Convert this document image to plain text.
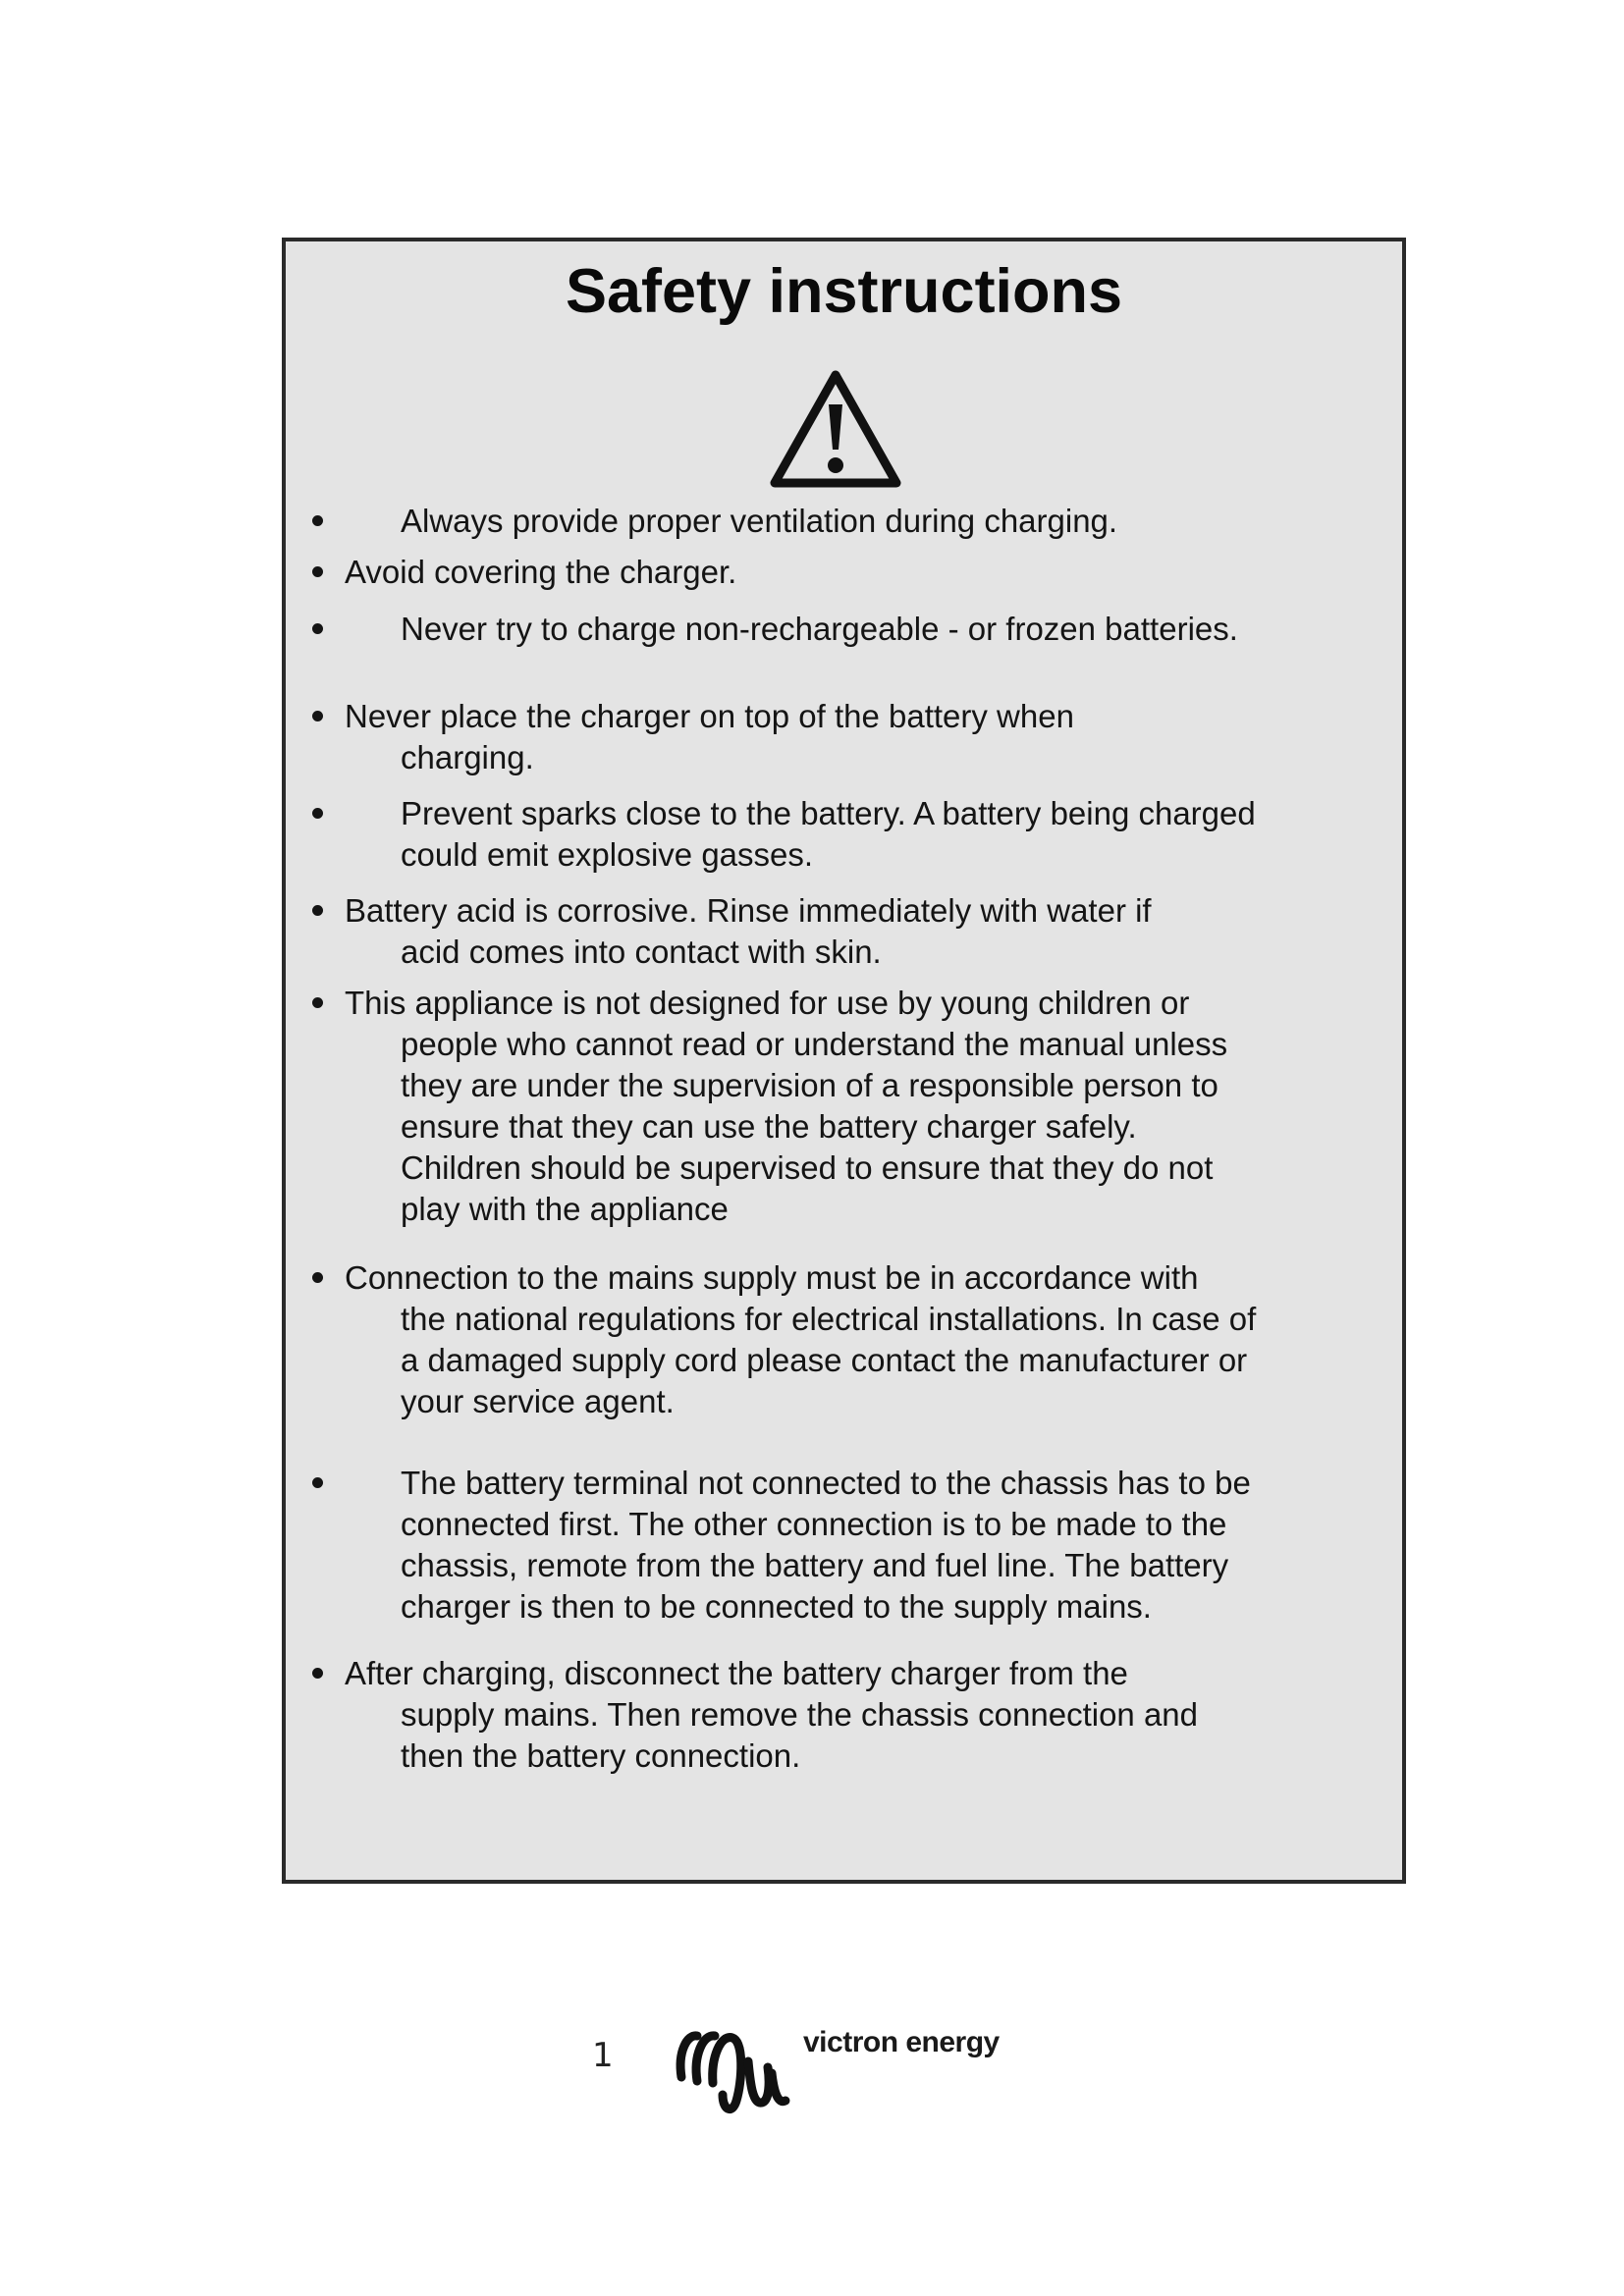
Safety instructions
Always provide proper ventilation during charging.
Avoid covering the charger.
Never try to charge non-rechargeable - or frozen batteries.
Never place the charger on top of the battery when
charging.
Prevent sparks close to the battery. A battery being charged
could emit explosive gasses.
Battery acid is corrosive. Rinse immediately with water if
acid comes into contact with skin.
This appliance is not designed for use by young children or
people who cannot read or understand the manual unless
they are under the supervision of a responsible person to
ensure that they can use the battery charger safely.
Children should be supervised to ensure that they do not
play with the appliance
Connection to the mains supply must be in accordance with
the national regulations for electrical installations. In case of
a damaged supply cord please contact the manufacturer or
your service agent.
The battery terminal not connected to the chassis has to be
connected first. The other connection is to be made to the
chassis, remote from the battery and fuel line. The battery
charger is then to be connected to the supply mains.
After charging, disconnect the battery charger from the
supply mains. Then remove the chassis connection and
then the battery connection.
1	victron energy
